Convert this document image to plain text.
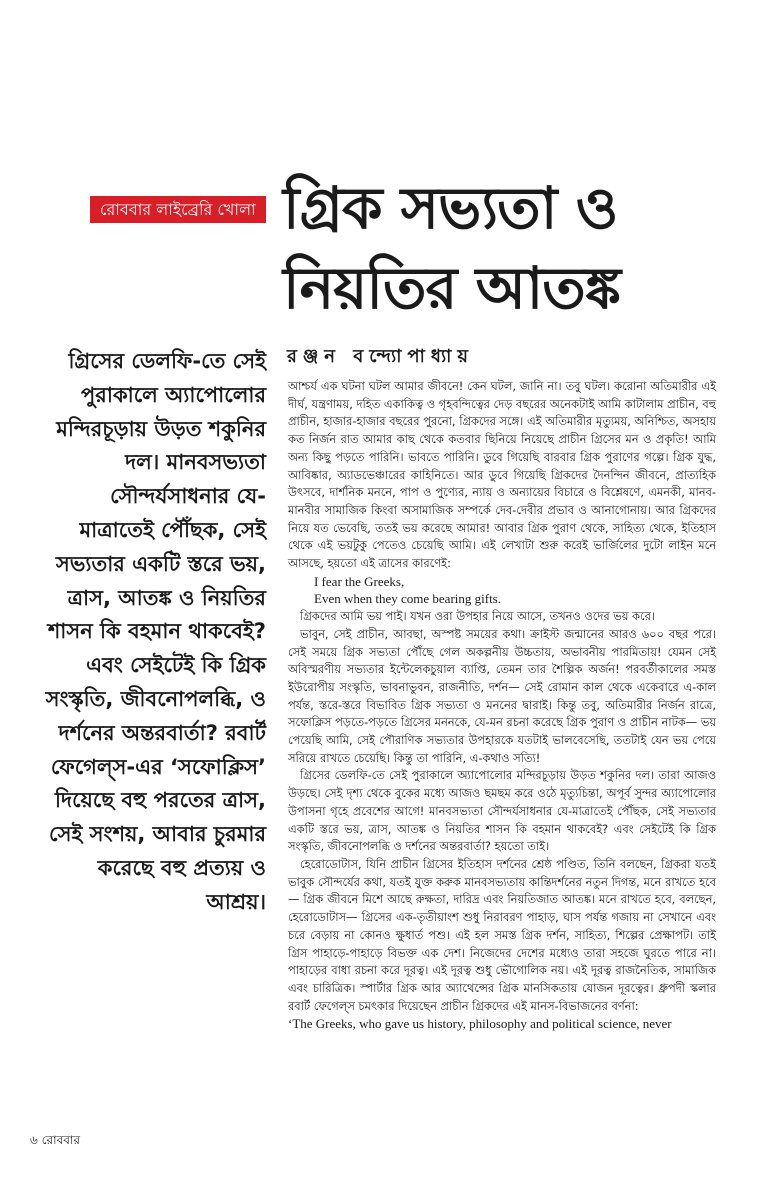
রোববার লাইব্রেরি খোলা গ্রিক সভ্যতা ও নিয়তির আতঙ্ক
রঞ্জন বন্দ্যোপাধ্যায়
গ্রিসের ডেলফি-তে সেই পুরাকালে অ্যাপোলোর মন্দিরচূড়ায় উড়ত শকুনির দল। মানবসভ্যতা সৌন্দর্যসাধনার যে-মাত্রাতেই পৌঁছক, সেই সভ্যতার একটি স্তরে ভয়, ত্রাস, আতঙ্ক ও নিয়তির শাসন কি বহমান থাকবেই? এবং সেইটেই কি গ্রিক সংস্কৃতি, জীবনোপলব্ধি, ও দর্শনের অন্তরবার্তা? রবার্ট ফেগেল্‌স-এর ‘সফোক্লিস’ দিয়েছে বহু পরতের ত্রাস, সেই সংশয়, আবার চুরমার করেছে বহু প্রত্যয় ও আশ্রয়।

আশ্চর্য এক ঘটনা ঘটল আমার জীবনে! কেন ঘটল, জানি না। তবু ঘটল। করোনা অতিমারীর এই দীর্ঘ, যন্ত্রণাময়, দহিত একাকিত্ব ও গৃহবন্দিত্বের দেড় বছরের অনেকটাই আমি কাটালাম প্রাচীন, বহু প্রাচীন, হাজার-হাজার বছরের পুরনো, গ্রিকদের সঙ্গে। এই অতিমারীর মৃত্যুময়, অনিশ্চিত, অসহায় কত নির্জন রাত আমার কাছ থেকে কতবার ছিনিয়ে নিয়েছে প্রাচীন গ্রিসের মন ও প্রকৃতি! আমি অন্য কিছু পড়তে পারিনি। ভাবতে পারিনি। ডুবে গিয়েছি বারবার গ্রিক পুরাণের গল্পে। গ্রিক যুদ্ধ, আবিষ্কার, অ্যাডভেঞ্চারের কাহিনিতে। আর ডুবে গিয়েছি গ্রিকদের দৈনন্দিন জীবনে, প্রাত্যহিক উৎসবে, দার্শনিক মননে, পাপ ও পুণ্যের, ন্যায় ও অন্যায়ের বিচারে ও বিশ্লেষণে, এমনকী, মানব-মানবীর সামাজিক কিংবা অসামাজিক সম্পর্কে দেব-দেবীর প্রভাব ও আনাগোনায়। আর গ্রিকদের নিয়ে যত ভেবেছি, ততই ভয় করেছে আমার! আবার গ্রিক পুরাণ থেকে, সাহিত্য থেকে, ইতিহাস থেকে এই ভয়টুকু পেতেও চেয়েছি আমি। এই লেখাটা শুরু করেই ভার্জিলের দুটো লাইন মনে আসছে, হয়তো এই ত্রাসের কারণেই:

I fear the Greeks,

Even when they come bearing gifts.

গ্রিকদের আমি ভয় পাই। যখন ওরা উপহার নিয়ে আসে, তখনও ওদের ভয় করে।

ভাবুন, সেই প্রাচীন, আবছা, অস্পষ্ট সময়ের কথা। ক্রাইস্ট জন্মানের আরও ৬০০ বছর পরে। সেই সময়ে গ্রিক সভ্যতা পৌঁছে গেল অকল্পনীয় উচ্চতায়, অভাবনীয় পারমিতায়! যেমন সেই অবিস্মরণীয় সভ্যতার ইন্টেলেকচুয়াল ব্যাপ্তি, তেমন তার শৈল্পিক অর্জন! পরবর্তীকালের সমস্ত ইউরোপীয় সংস্কৃতি, ভাবনাভুবন, রাজনীতি, দর্শন— সেই রোমান কাল থেকে একেবারে এ-কাল পর্যন্ত, স্তরে-স্তরে বিভাবিত গ্রিক সভ্যতা ও মননের দ্বারাই। কিন্তু তবু, অতিমারীর নির্জন রাত্রে, সফোক্লিস পড়তে-পড়তে গ্রিসের মননকে, যে-মন রচনা করেছে গ্রিক পুরাণ ও প্রাচীন নাটক— ভয় পেয়েছি আমি, সেই পৌরাণিক সভ্যতার উপহারকে যতটাই ভালবেসেছি, ততটাই যেন ভয় পেয়ে সরিয়ে রাখতে চেয়েছি। কিন্তু তা পারিনি, এ-কথাও সত্যি!

গ্রিসের ডেলফি-তে সেই পুরাকালে অ্যাপোলোর মন্দিরচূড়ায় উড়ত শকুনির দল। তারা আজও উড়ছে। সেই দৃশ্য থেকে বুকের মধ্যে আজও ছমছম করে ওঠে মৃত্যুচিন্তা, অপূর্ব সুন্দর অ্যাপোলোর উপাসনা গৃহে প্রবেশের আগে! মানবসভ্যতা সৌন্দর্যসাধনার যে-মাত্রাতেই পৌঁছক, সেই সভ্যতার একটি স্তরে ভয়, ত্রাস, আতঙ্ক ও নিয়তির শাসন কি বহমান থাকবেই? এবং সেইটেই কি গ্রিক সংস্কৃতি, জীবনোপলব্ধি ও দর্শনের অন্তরবার্তা? হয়তো তাই।

হেরোডোটাস, যিনি প্রাচীন গ্রিসের ইতিহাস দর্শনের শ্রেষ্ঠ পণ্ডিত, তিনি বলছেন, গ্রিকরা যতই ভাবুক সৌন্দর্যের কথা, যতই যুক্ত করুক মানবসভ্যতায় কান্তিদর্শনের নতুন দিগন্ত, মনে রাখতে হবে— গ্রিক জীবনে মিশে আছে রুক্ষতা, দারিদ্র এবং নিয়তিজাত আতঙ্ক। মনে রাখতে হবে, বলছেন, হেরোডোটাস— গ্রিসের এক-তৃতীয়াংশ শুধু নিরাবরণ পাহাড়, ঘাস পর্যন্ত গজায় না সেখানে এবং চরে বেড়ায় না কোনও ক্ষুধার্ত পশু। এই হল সমস্ত গ্রিক দর্শন, সাহিত্য, শিল্পের প্রেক্ষাপট। তাই গ্রিস পাহাড়ে-পাহাড়ে বিভক্ত এক দেশ। নিজেদের দেশের মধ্যেও তারা সহজে ঘুরতে পারে না। পাহাড়ের বাধা রচনা করে দূরত্ব। এই দূরত্ব শুধু ভৌগোলিক নয়। এই দূরত্ব রাজনৈতিক, সামাজিক এবং চারিত্রিক। স্পার্টার গ্রিক আর অ্যাথেন্সের গ্রিক মানসিকতায় যোজন দূরত্বের। ধ্রুপদী স্কলার রবার্ট ফেগেল্‌স চমৎকার দিয়েছেন প্রাচীন গ্রিকদের এই মানস-বিভাজনের বর্ণনা:

‘The Greeks, who gave us history, philosophy and political science, never

৬ রোববার
